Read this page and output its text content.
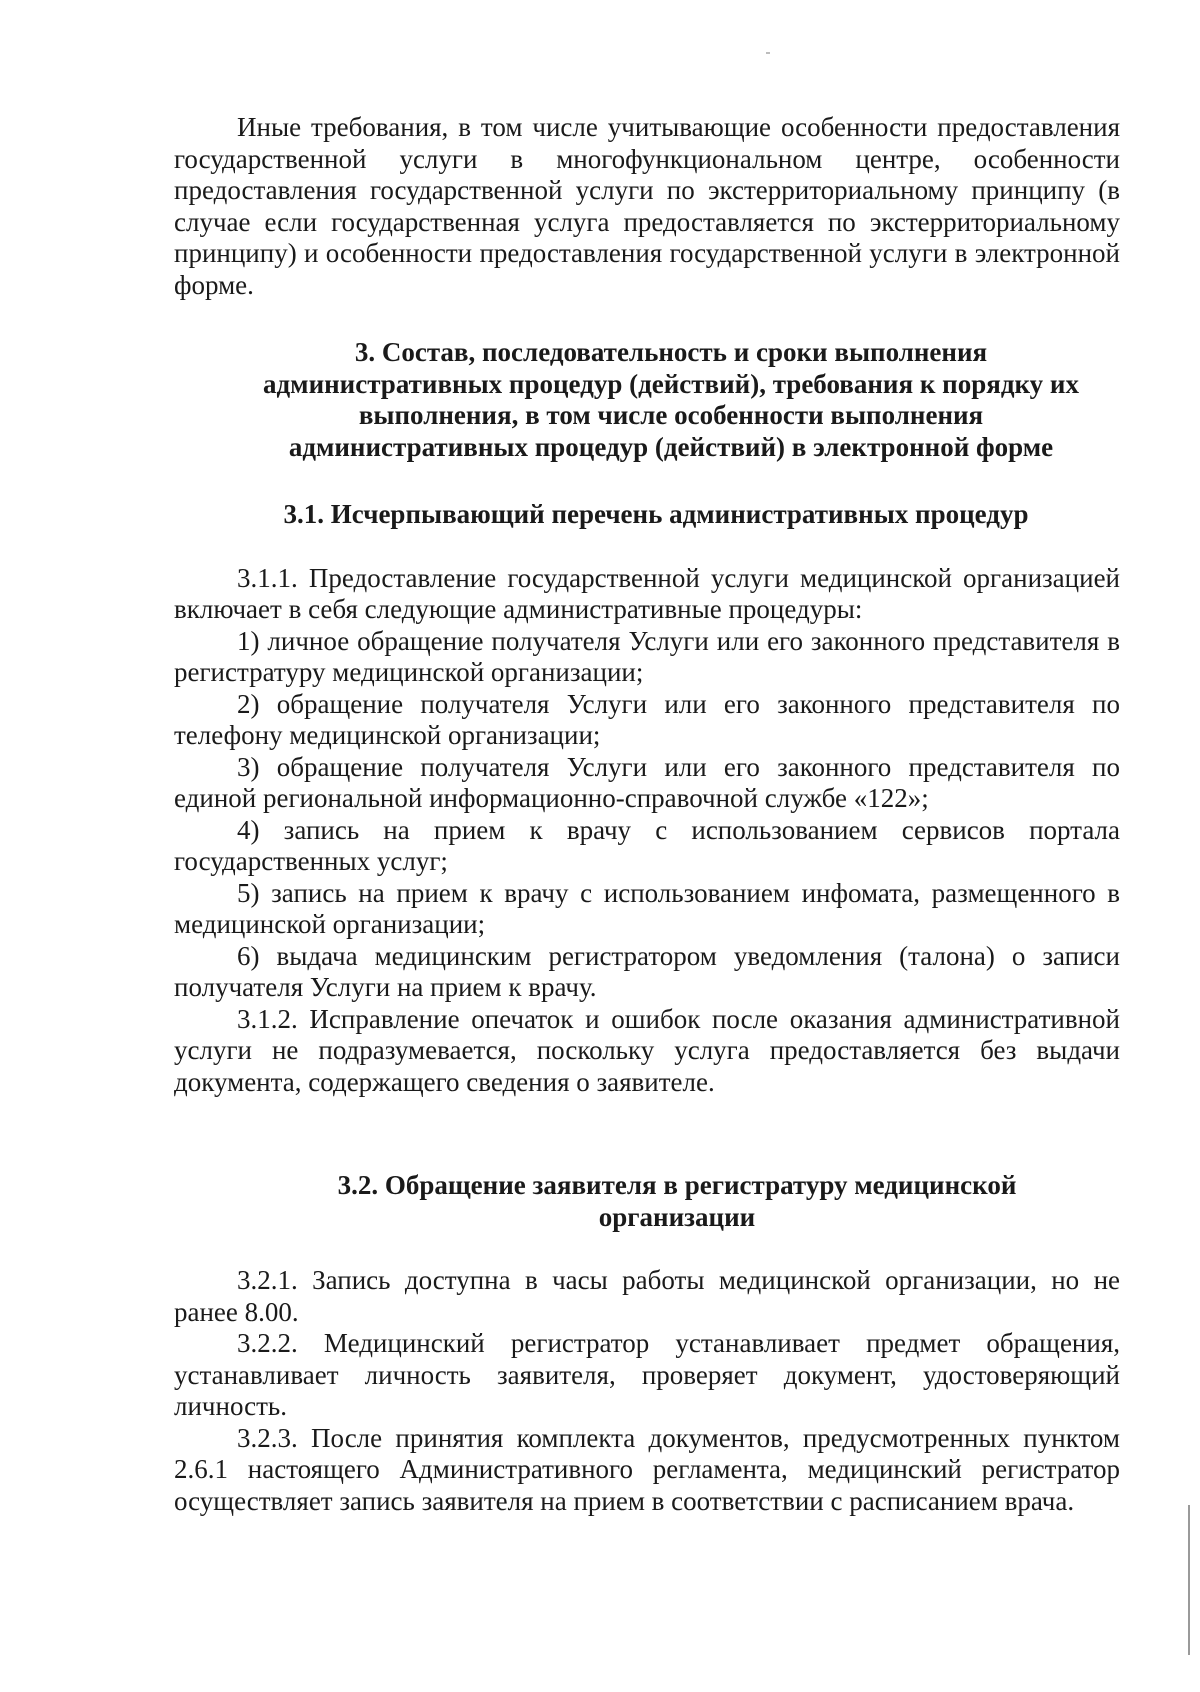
Иные требования, в том числе учитывающие особенности предоставления государственной услуги в многофункциональном центре, особенности предоставления государственной услуги по экстерриториальному принципу (в случае если государственная услуга предоставляется по экстерриториальному принципу) и особенности предоставления государственной услуги в электронной форме.

3. Состав, последовательность и сроки выполнения административных процедур (действий), требования к порядку их выполнения, в том числе особенности выполнения административных процедур (действий) в электронной форме
3.1. Исчерпывающий перечень административных процедур

3.1.1. Предоставление государственной услуги медицинской организацией включает в себя следующие административные процедуры:

1) личное обращение получателя Услуги или его законного представителя в регистратуру медицинской организации;

2) обращение получателя Услуги или его законного представителя по телефону медицинской организации;

3) обращение получателя Услуги или его законного представителя по единой региональной информационно-справочной службе «122»;

4) запись на прием к врачу с использованием сервисов портала государственных услуг;

5) запись на прием к врачу с использованием инфомата, размещенного в медицинской организации;

6) выдача медицинским регистратором уведомления (талона) о записи получателя Услуги на прием к врачу.

3.1.2. Исправление опечаток и ошибок после оказания административной услуги не подразумевается, поскольку услуга предоставляется без выдачи документа, содержащего сведения о заявителе.

3.2. Обращение заявителя в регистратуру медицинской организации

3.2.1. Запись доступна в часы работы медицинской организации, но не ранее 8.00.

3.2.2. Медицинский регистратор устанавливает предмет обращения, устанавливает личность заявителя, проверяет документ, удостоверяющий личность.

3.2.3. После принятия комплекта документов, предусмотренных пунктом 2.6.1 настоящего Административного регламента, медицинский регистратор осуществляет запись заявителя на прием в соответствии с расписанием врача.
